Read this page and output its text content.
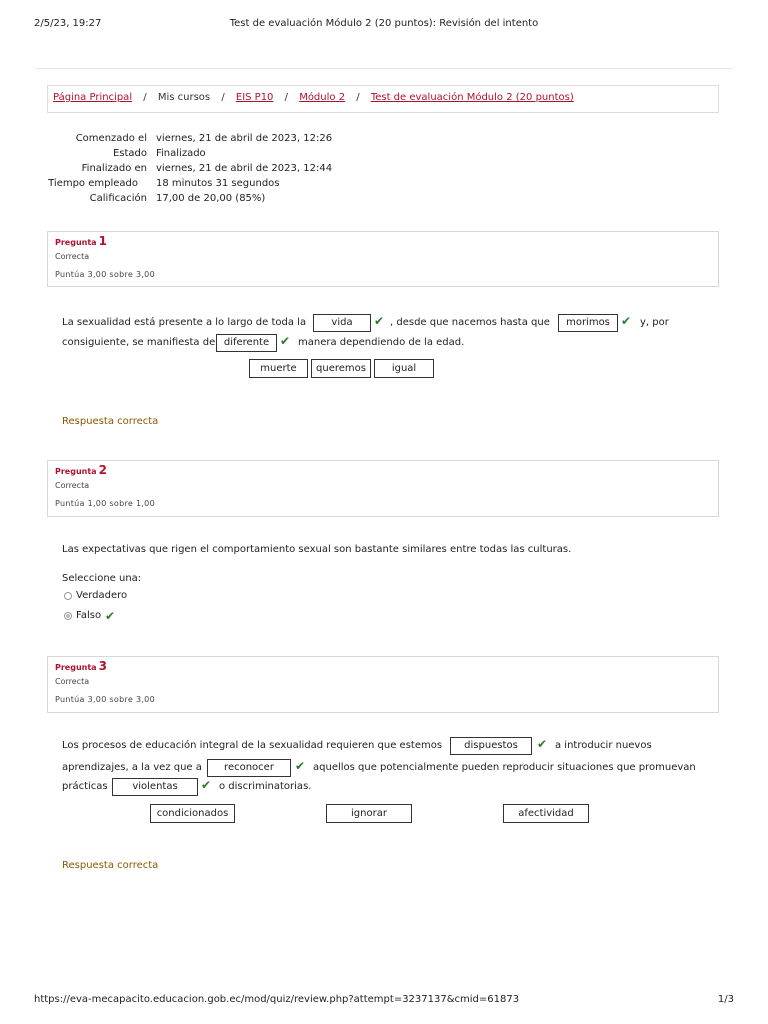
2/5/23, 19:27	Test de evaluación Módulo 2 (20 puntos): Revisión del intento
Página Principal / Mis cursos / EIS P10 / Módulo 2 / Test de evaluación Módulo 2 (20 puntos)
Comenzado el viernes, 21 de abril de 2023, 12:26
Estado Finalizado
Finalizado en viernes, 21 de abril de 2023, 12:44
Tiempo empleado	18 minutos 31 segundos
Calificación 17,00 de 20,00 (85%)
Pregunta 1
Correcta
Puntúa 3,00 sobre 3,00
La sexualidad está presente a lo largo de toda la	vida	✔ , desde que nacemos hasta que	morimos ✔ y, por
consiguiente, se manifiesta de diferente ✔ manera dependiendo de la edad.
muerte	queremos	igual
Respuesta correcta
Pregunta 2
Correcta
Puntúa 1,00 sobre 1,00
Las expectativas que rigen el comportamiento sexual son bastante similares entre todas las culturas.
Seleccione una:
Verdadero
Falso ✔
Pregunta 3
Correcta
Puntúa 3,00 sobre 3,00
Los procesos de educación integral de la sexualidad requieren que estemos	dispuestos	✔ a introducir nuevos
aprendizajes, a la vez que a	reconocer	✔ aquellos que potencialmente pueden reproducir situaciones que promuevan
prácticas	violentas	✔ o discriminatorias.
condicionados	ignorar	afectividad
Respuesta correcta
https://eva-mecapacito.educacion.gob.ec/mod/quiz/review.php?attempt=3237137&cmid=61873	1/3
